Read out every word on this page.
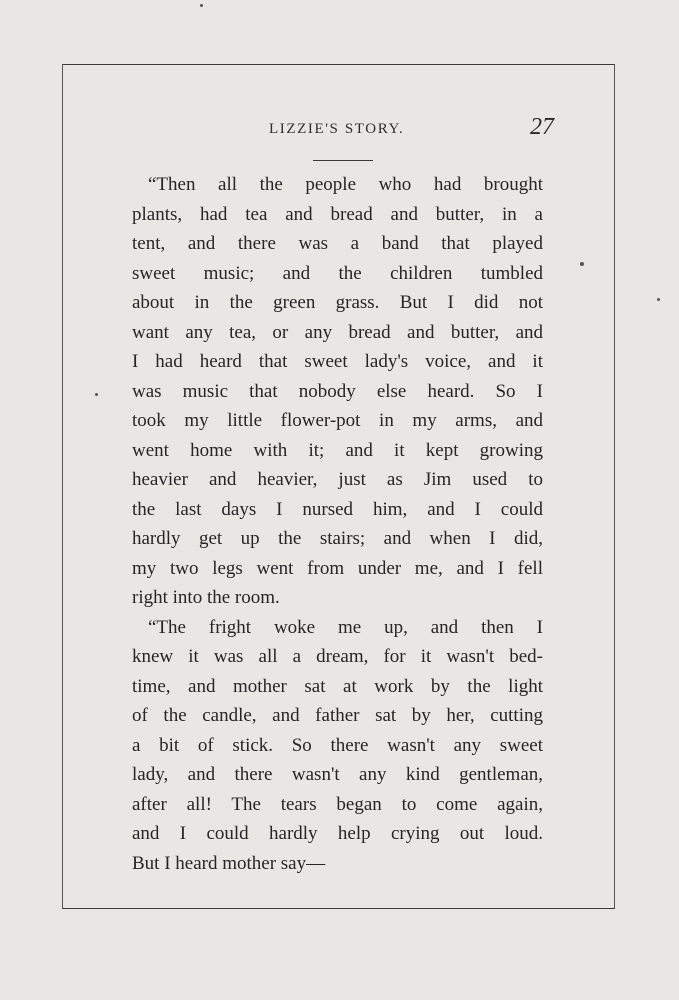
LIZZIE'S STORY.	27
“Then all the people who had brought
plants, had tea and bread and butter, in a
tent, and there was a band that played
sweet music; and the children tumbled
about in the green grass. But I did not
want any tea, or any bread and butter, and
I had heard that sweet lady's voice, and it
was music that nobody else heard. So I
took my little flower-pot in my arms, and
went home with it; and it kept growing
heavier and heavier, just as Jim used to
the last days I nursed him, and I could
hardly get up the stairs; and when I did,
my two legs went from under me, and I fell
right into the room.
“The fright woke me up, and then I
knew it was all a dream, for it wasn't bed-
time, and mother sat at work by the light
of the candle, and father sat by her, cutting
a bit of stick. So there wasn't any sweet
lady, and there wasn't any kind gentleman,
after all! The tears began to come again,
and I could hardly help crying out loud.
But I heard mother say—
